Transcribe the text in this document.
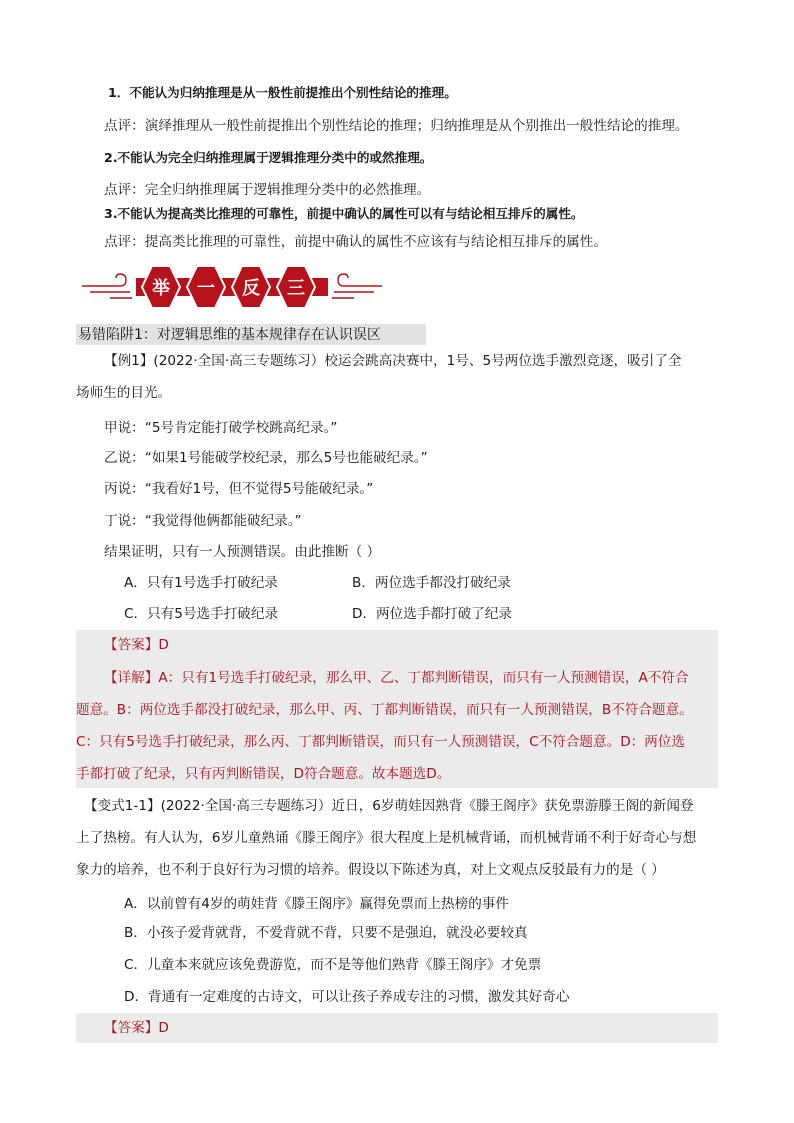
1．不能认为归纳推理是从一般性前提推出个别性结论的推理。
点评：演绎推理从一般性前提推出个别性结论的推理；归纳推理是从个别推出一般性结论的推理。
2.不能认为完全归纳推理属于逻辑推理分类中的或然推理。
点评：完全归纳推理属于逻辑推理分类中的必然推理。
3.不能认为提高类比推理的可靠性，前提中确认的属性可以有与结论相互排斥的属性。
点评：提高类比推理的可靠性，前提中确认的属性不应该有与结论相互排斥的属性。
举 一 反 三
易错陷阱1：对逻辑思维的基本规律存在认识误区
【例1】(2022·全国·高三专题练习）校运会跳高决赛中，1号、5号两位选手激烈竞逐，吸引了全
场师生的目光。
甲说：“5号肯定能打破学校跳高纪录。”
乙说：“如果1号能破学校纪录，那么5号也能破纪录。”
丙说：“我看好1号，但不觉得5号能破纪录。”
丁说：“我觉得他俩都能破纪录。”
结果证明，只有一人预测错误。由此推断（ ）
A．只有1号选手打破纪录	B．两位选手都没打破纪录
C．只有5号选手打破纪录	D．两位选手都打破了纪录
【答案】D
【详解】A：只有1号选手打破纪录，那么甲、乙、丁都判断错误，而只有一人预测错误，A不符合
题意。B：两位选手都没打破纪录，那么甲、丙、丁都判断错误，而只有一人预测错误，B不符合题意。
C：只有5号选手打破纪录，那么丙、丁都判断错误，而只有一人预测错误，C不符合题意。D：两位选
手都打破了纪录，只有丙判断错误，D符合题意。故本题选D。
【变式1-1】(2022·全国·高三专题练习）近日，6岁萌娃因熟背《滕王阁序》获免票游滕王阁的新闻登
上了热榜。有人认为，6岁儿童熟诵《滕王阁序》很大程度上是机械背诵，而机械背诵不利于好奇心与想
象力的培养，也不利于良好行为习惯的培养。假设以下陈述为真，对上文观点反驳最有力的是（ ）
A．以前曾有4岁的萌娃背《滕王阁序》赢得免票而上热榜的事件
B．小孩子爱背就背，不爱背就不背，只要不是强迫，就没必要较真
C．儿童本来就应该免费游览，而不是等他们熟背《滕王阁序》才免票
D．背通有一定难度的古诗文，可以让孩子养成专注的习惯，激发其好奇心
【答案】D
